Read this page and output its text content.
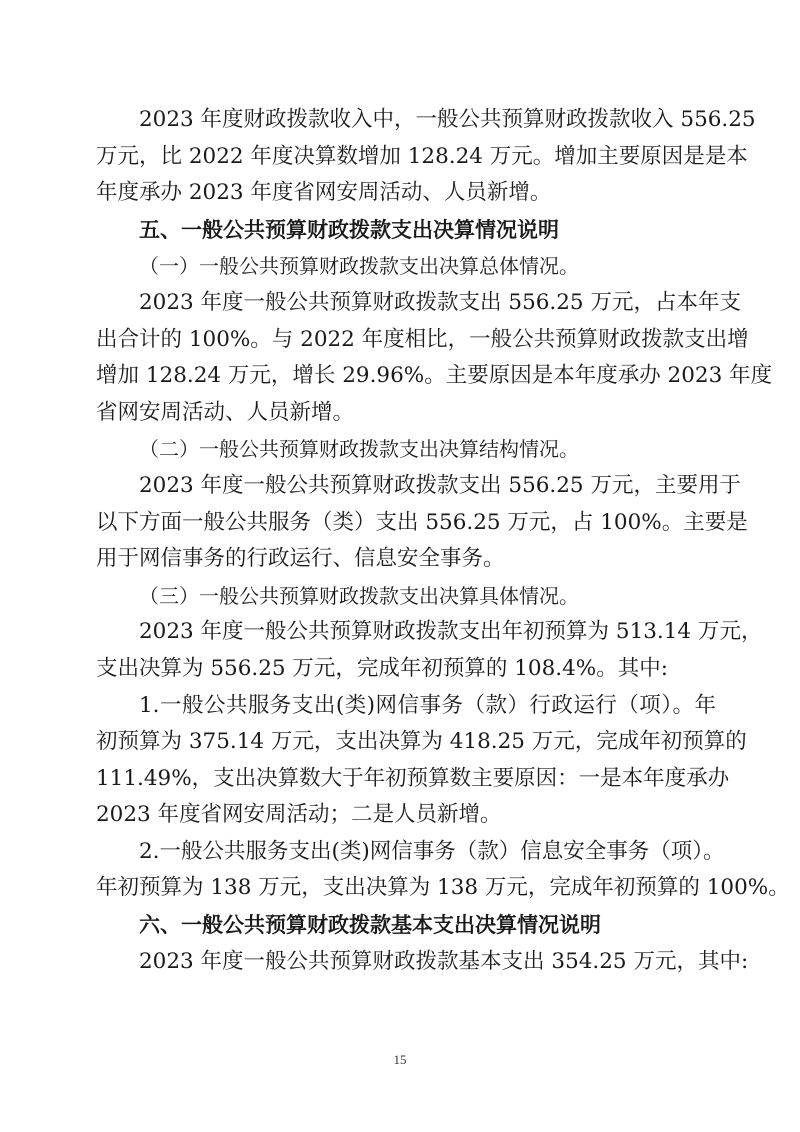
2023 年度财政拨款收入中，一般公共预算财政拨款收入 556.25
万元，比 2022 年度决算数增加 128.24 万元。增加主要原因是是本
年度承办 2023 年度省网安周活动、人员新增。
五、一般公共预算财政拨款支出决算情况说明
（一）一般公共预算财政拨款支出决算总体情况。
2023 年度一般公共预算财政拨款支出 556.25 万元，占本年支
出合计的 100%。与 2022 年度相比，一般公共预算财政拨款支出增
增加 128.24 万元，增长 29.96%。主要原因是本年度承办 2023 年度
省网安周活动、人员新增。
（二）一般公共预算财政拨款支出决算结构情况。
2023 年度一般公共预算财政拨款支出 556.25 万元，主要用于
以下方面一般公共服务（类）支出 556.25 万元，占 100%。主要是
用于网信事务的行政运行、信息安全事务。
（三）一般公共预算财政拨款支出决算具体情况。
2023 年度一般公共预算财政拨款支出年初预算为 513.14 万元，
支出决算为 556.25 万元，完成年初预算的 108.4%。其中:
1.一般公共服务支出(类)网信事务（款）行政运行（项）。年
初预算为 375.14 万元，支出决算为 418.25 万元，完成年初预算的
111.49%，支出决算数大于年初预算数主要原因：一是本年度承办
2023 年度省网安周活动；二是人员新增。
2.一般公共服务支出(类)网信事务（款）信息安全事务（项）。
年初预算为 138 万元，支出决算为 138 万元，完成年初预算的 100%。
六、一般公共预算财政拨款基本支出决算情况说明
2023 年度一般公共预算财政拨款基本支出 354.25 万元，其中:
15
